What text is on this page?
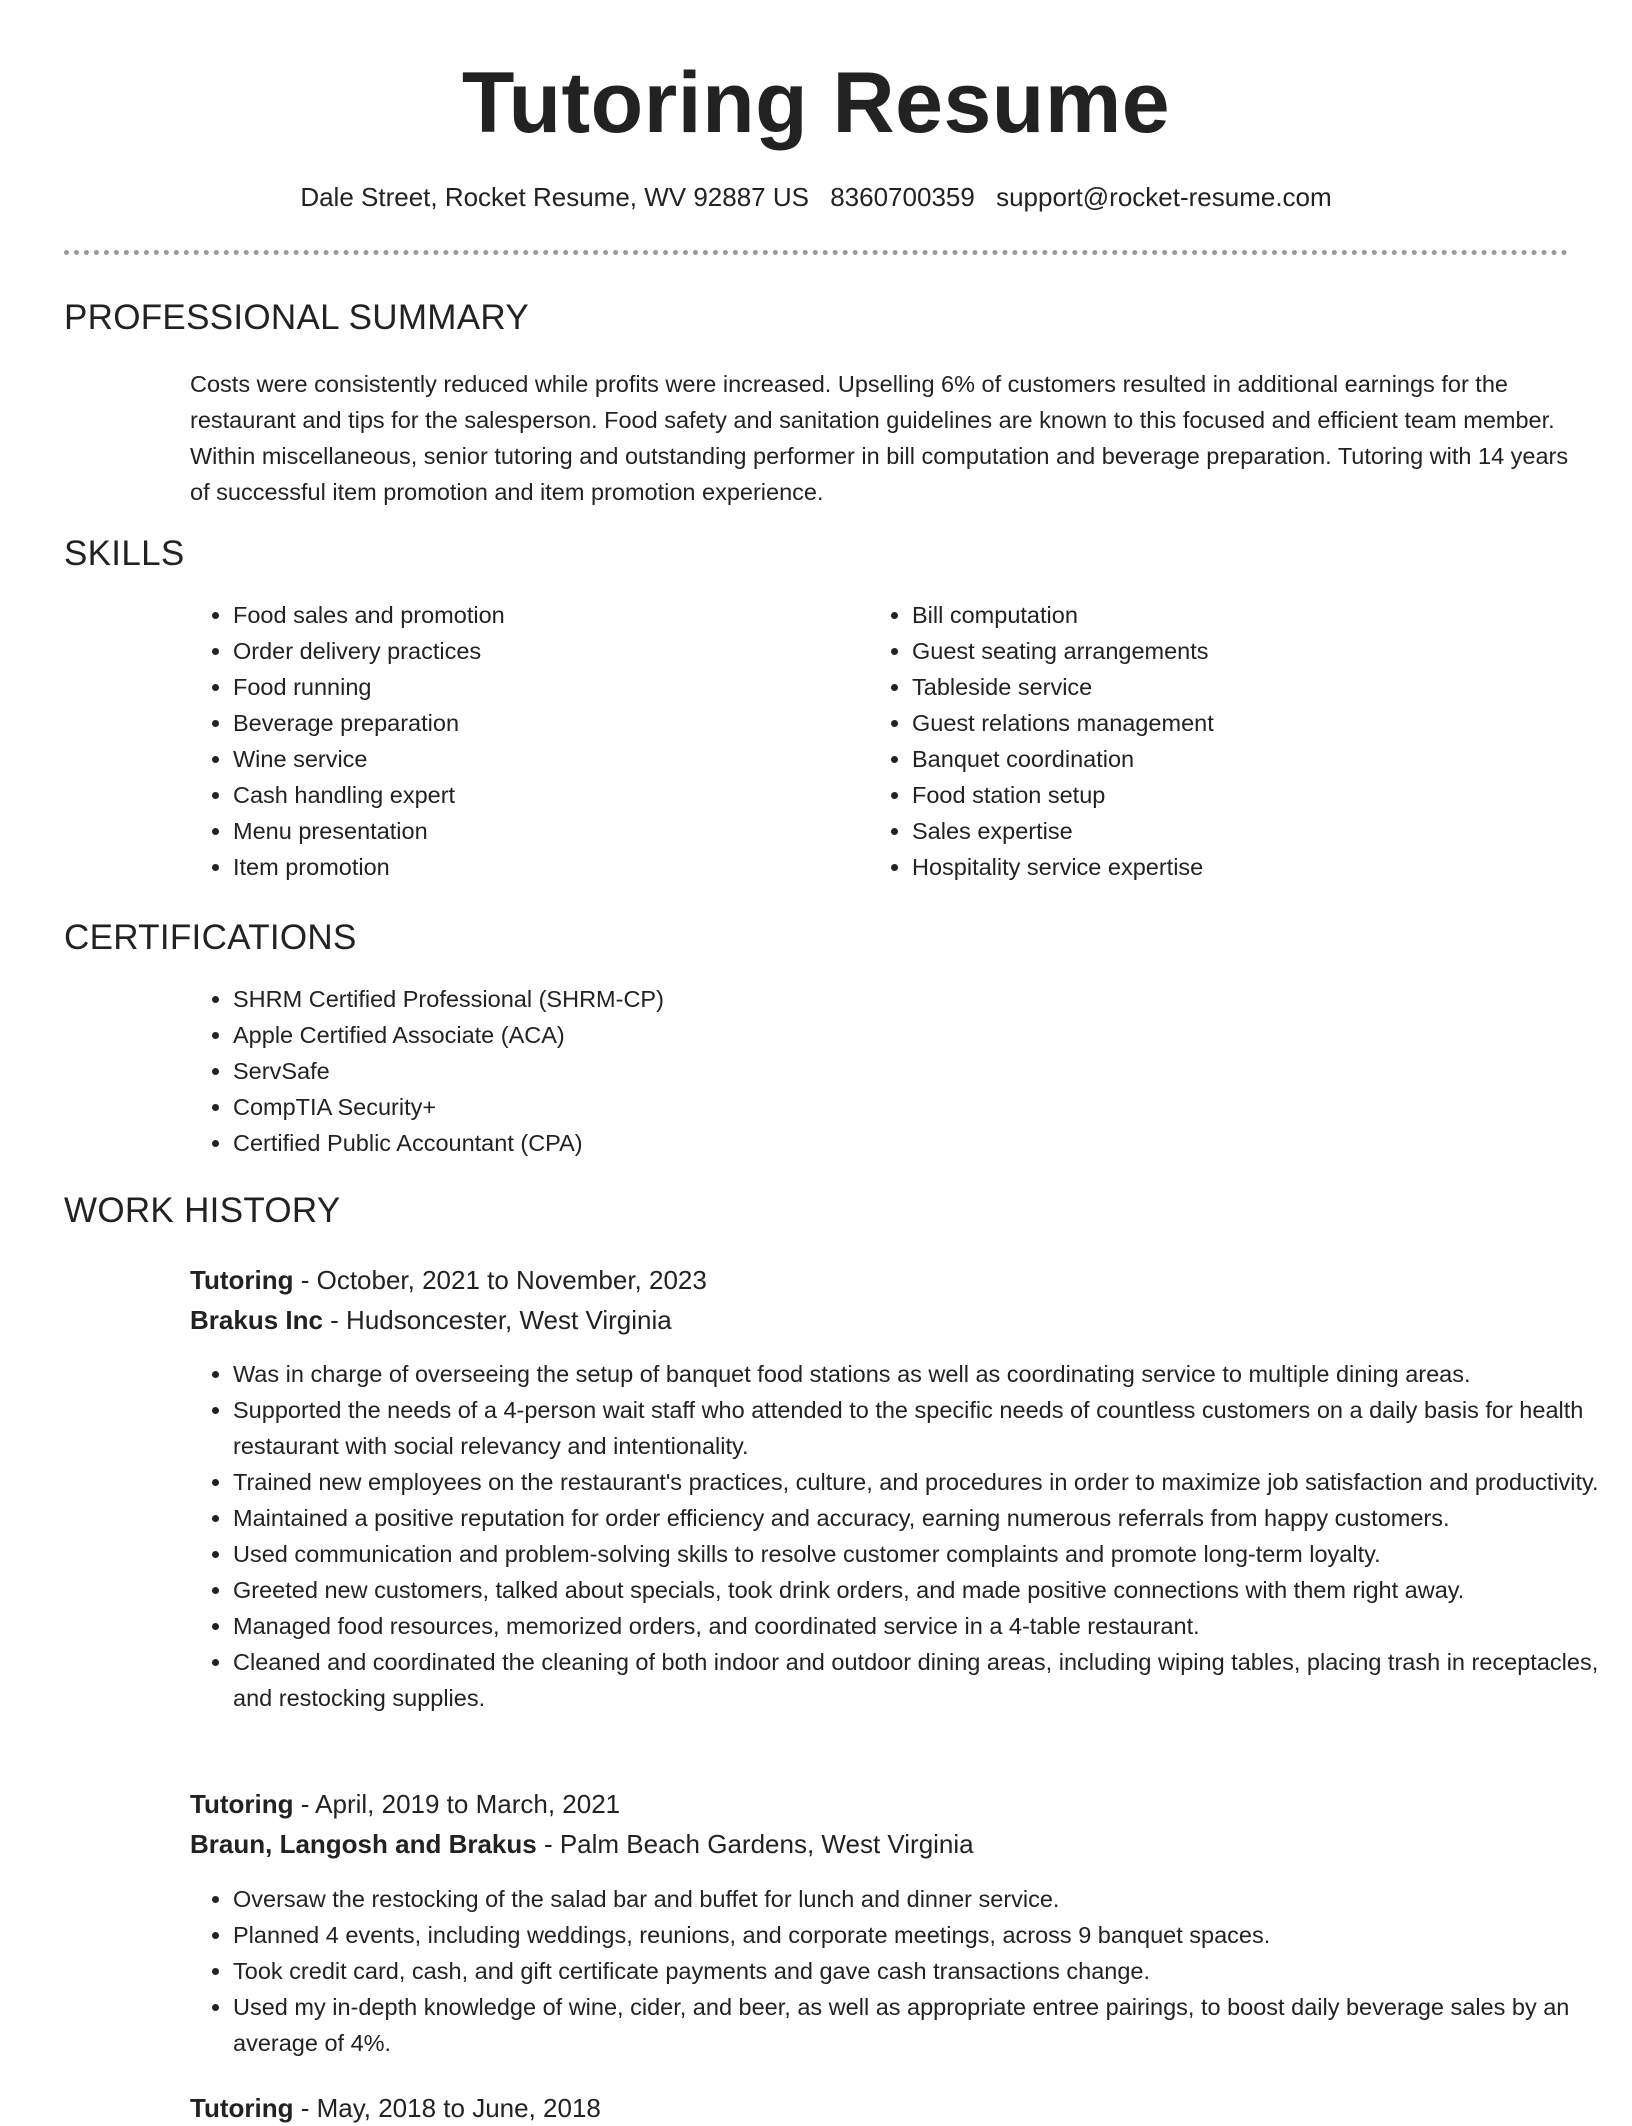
Tutoring Resume
Dale Street, Rocket Resume, WV 92887 US 8360700359 support@rocket-resume.com
PROFESSIONAL SUMMARY

Costs were consistently reduced while profits were increased. Upselling 6% of customers resulted in additional earnings for the restaurant and tips for the salesperson. Food safety and sanitation guidelines are known to this focused and efficient team member. Within miscellaneous, senior tutoring and outstanding performer in bill computation and beverage preparation. Tutoring with 14 years of successful item promotion and item promotion experience.

SKILLS
• Food sales and promotion
• Order delivery practices
• Food running
• Beverage preparation
• Wine service
• Cash handling expert
• Menu presentation
• Item promotion
• Bill computation
• Guest seating arrangements
• Tableside service
• Guest relations management
• Banquet coordination
• Food station setup
• Sales expertise
• Hospitality service expertise
CERTIFICATIONS
• SHRM Certified Professional (SHRM-CP)
• Apple Certified Associate (ACA)
• ServSafe
• CompTIA Security+
• Certified Public Accountant (CPA)
WORK HISTORY
Tutoring - October, 2021 to November, 2023
Brakus Inc - Hudsoncester, West Virginia
• Was in charge of overseeing the setup of banquet food stations as well as coordinating service to multiple dining areas.
• Supported the needs of a 4-person wait staff who attended to the specific needs of countless customers on a daily basis for health restaurant with social relevancy and intentionality.
• Trained new employees on the restaurant's practices, culture, and procedures in order to maximize job satisfaction and productivity.
• Maintained a positive reputation for order efficiency and accuracy, earning numerous referrals from happy customers.
• Used communication and problem-solving skills to resolve customer complaints and promote long-term loyalty.
• Greeted new customers, talked about specials, took drink orders, and made positive connections with them right away.
• Managed food resources, memorized orders, and coordinated service in a 4-table restaurant.
• Cleaned and coordinated the cleaning of both indoor and outdoor dining areas, including wiping tables, placing trash in receptacles, and restocking supplies.
Tutoring - April, 2019 to March, 2021
Braun, Langosh and Brakus - Palm Beach Gardens, West Virginia
• Oversaw the restocking of the salad bar and buffet for lunch and dinner service.
• Planned 4 events, including weddings, reunions, and corporate meetings, across 9 banquet spaces.
• Took credit card, cash, and gift certificate payments and gave cash transactions change.
• Used my in-depth knowledge of wine, cider, and beer, as well as appropriate entree pairings, to boost daily beverage sales by an average of 4%.
Tutoring - May, 2018 to June, 2018
